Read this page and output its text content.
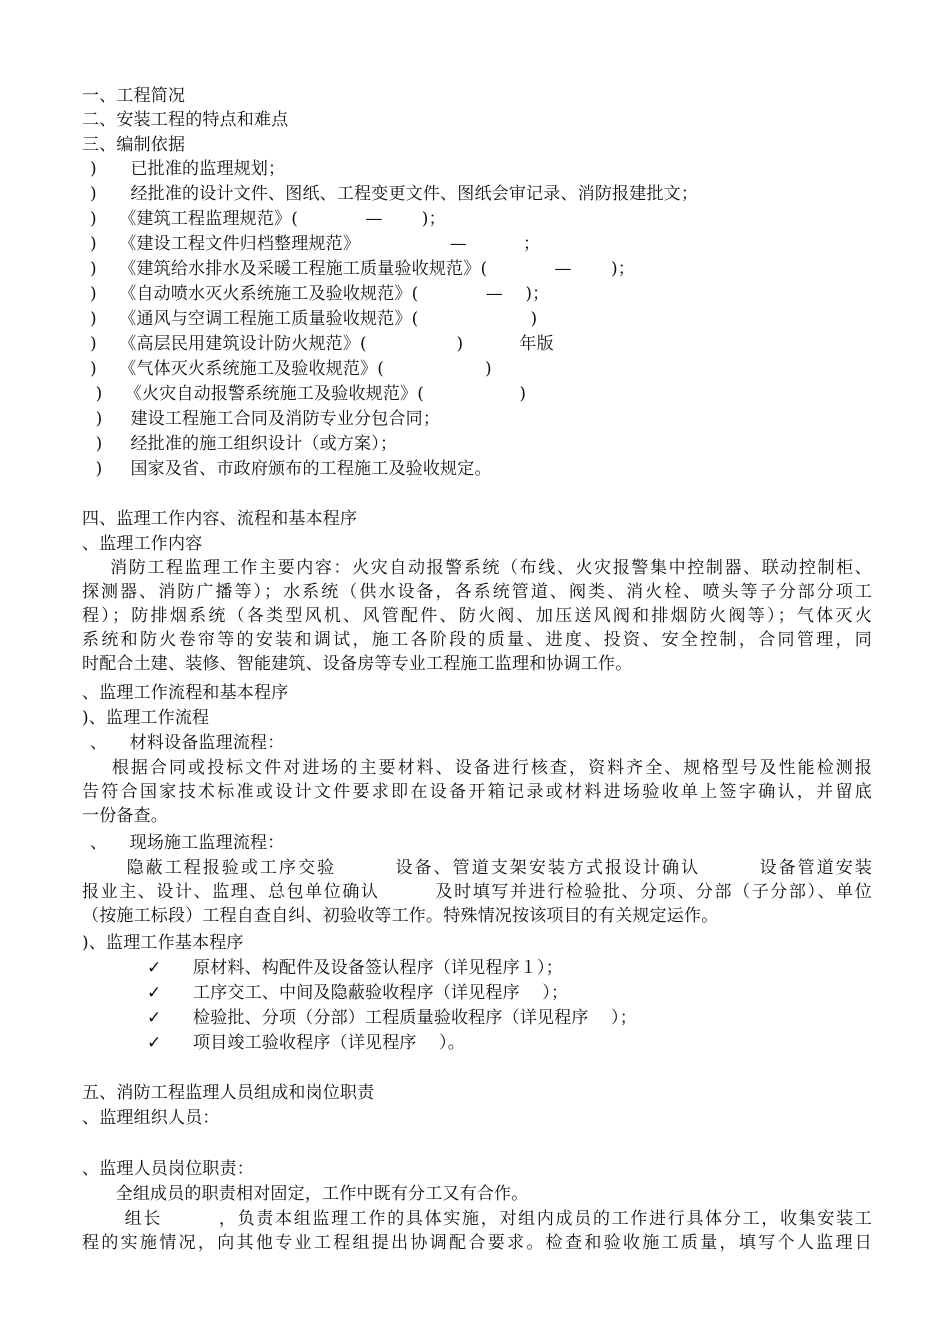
一、工程简况
二、安装工程的特点和难点
三、编制依据
)      已批准的监理规划；
)      经批准的设计文件、图纸、工程变更文件、图纸会审记录、消防报建批文；
)    《建筑工程监理规范》(            —       )；
)    《建设工程文件归档整理规范》                —          ；
)    《建筑给水排水及采暖工程施工质量验收规范》(            —       )；
)    《自动喷水灭火系统施工及验收规范》(            —    )；
)    《通风与空调工程施工质量验收规范》(                    )
)    《高层民用建筑设计防火规范》(                )          年版
)    《气体灭火系统施工及验收规范》(                  )
)    《火灾自动报警系统施工及验收规范》(                 )
)     建设工程施工合同及消防专业分包合同；
)     经批准的施工组织设计（或方案）；
)     国家及省、市政府颁布的工程施工及验收规定。
四、监理工作内容、流程和基本程序
、监理工作内容
消防工程监理工作主要内容：火灾自动报警系统（布线、火灾报警集中控制器、联动控制柜、
探测器、消防广播等）；水系统（供水设备，各系统管道、阀类、消火栓、喷头等子分部分项工
程）；防排烟系统（各类型风机、风管配件、防火阀、加压送风阀和排烟防火阀等）；气体灭火
系统和防火卷帘等的安装和调试，施工各阶段的质量、进度、投资、安全控制，合同管理，同
时配合土建、装修、智能建筑、设备房等专业工程施工监理和协调工作。
、监理工作流程和基本程序
)、监理工作流程
、    材料设备监理流程：
根据合同或投标文件对进场的主要材料、设备进行核查，资料齐全、规格型号及性能检测报
告符合国家技术标准或设计文件要求即在设备开箱记录或材料进场验收单上签字确认，并留底
一份备查。
、    现场施工监理流程：
隐蔽工程报验或工序交验        设备、管道支架安装方式报设计确认        设备管道安装
报业主、设计、监理、总包单位确认        及时填写并进行检验批、分项、分部（子分部）、单位
（按施工标段）工程自查自纠、初验收等工作。特殊情况按该项目的有关规定运作。
)、监理工作基本程序
✓ 原材料、构配件及设备签认程序（详见程序１）；
✓ 工序交工、中间及隐蔽验收程序（详见程序    ）；
✓ 检验批、分项（分部）工程质量验收程序（详见程序    ）；
✓ 项目竣工验收程序（详见程序    ）。
五、消防工程监理人员组成和岗位职责
、监理组织人员：
、监理人员岗位职责：
全组成员的职责相对固定，工作中既有分工又有合作。
组长        ，负责本组监理工作的具体实施，对组内成员的工作进行具体分工，收集安装工
程的实施情况，向其他专业工程组提出协调配合要求。检查和验收施工质量，填写个人监理日
